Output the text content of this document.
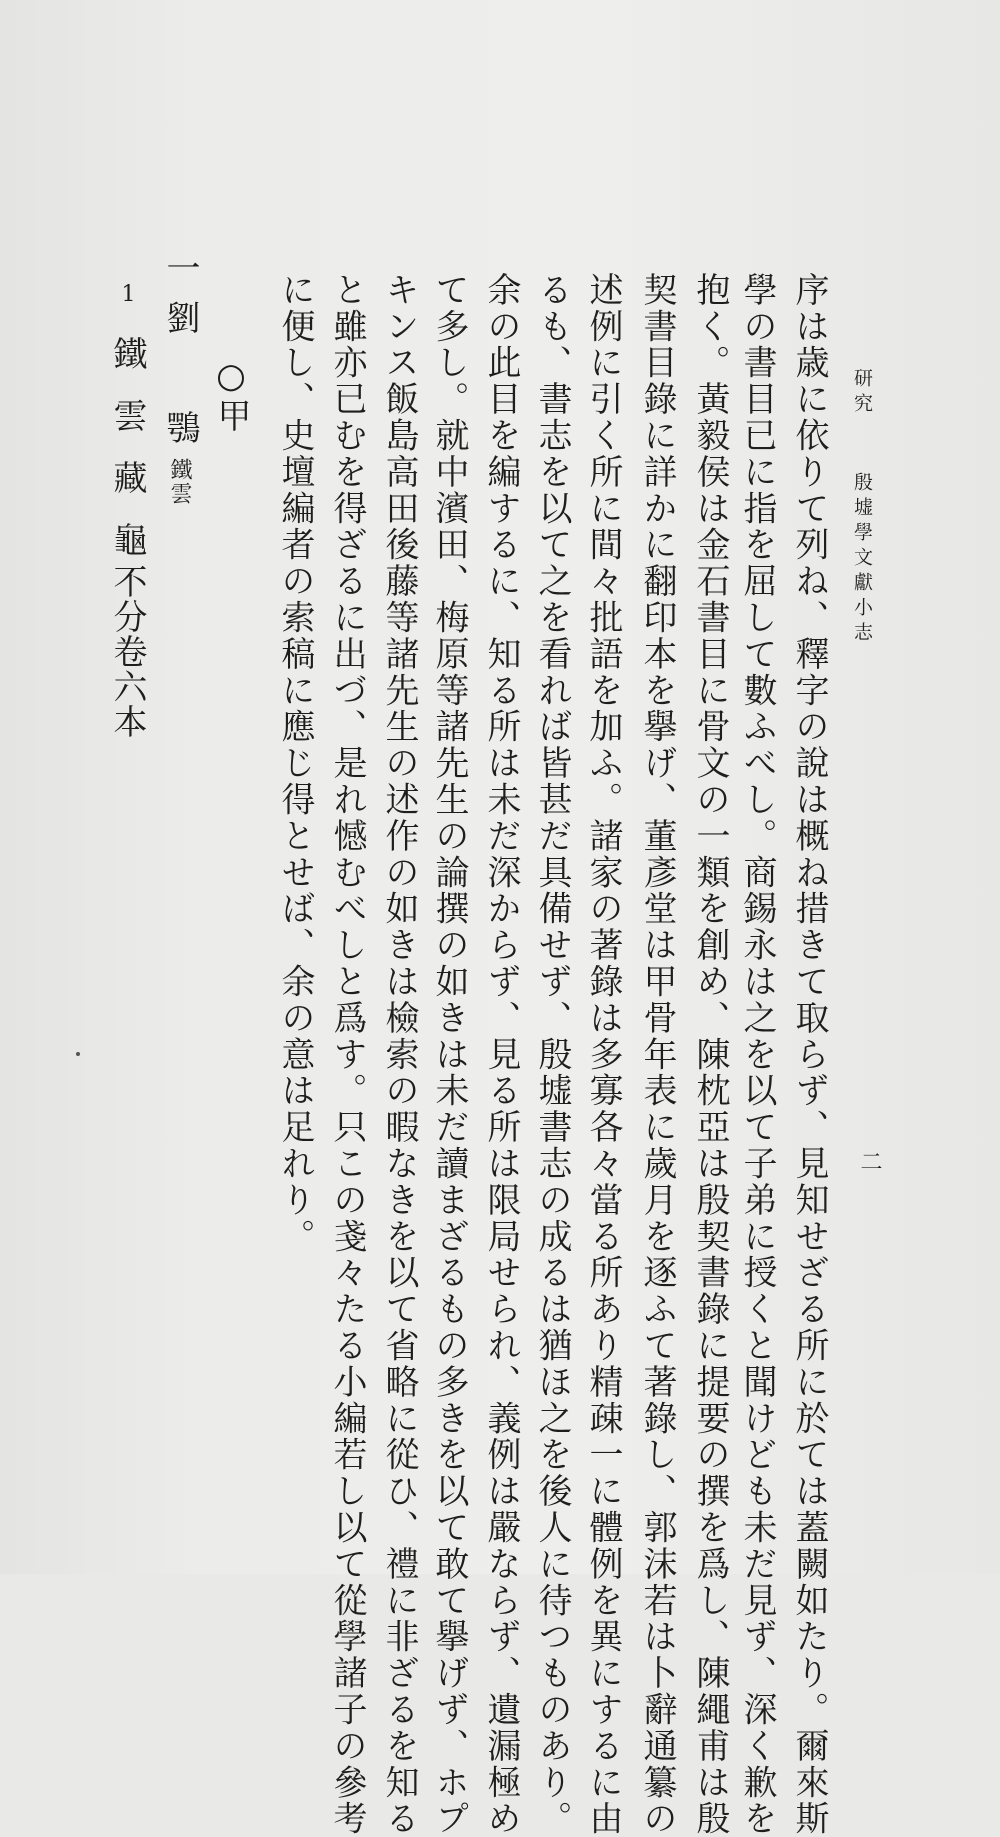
研究殷墟學文獻小志
二

序は歳に依りて列ね、釋字の說は概ね措きて取らず、見知せざる所に於ては蓋闕如たり。爾來斯

學の書目已に指を屈して數ふべし。商錫永は之を以て子弟に授くと聞けども未だ見ず、深く歉を

抱く。黃毅侯は金石書目に骨文の一類を創め、陳枕亞は殷契書錄に提要の撰を爲し、陳繩甫は殷

契書目錄に詳かに翻印本を擧げ、董彥堂は甲骨年表に歲月を逐ふて著錄し、郭沫若は卜辭通纂の

述例に引く所に間々批語を加ふ。諸家の著錄は多寡各々當る所あり精疎一に體例を異にするに由

るも、書志を以て之を看れば皆甚だ具備せず、殷墟書志の成るは猶ほ之を後人に待つものあり。

余の此目を編するに、知る所は未だ深からず、見る所は限局せられ、義例は嚴ならず、遺漏極め

て多し。就中濱田、梅原等諸先生の論撰の如きは未だ讀まざるもの多きを以て敢て擧げず、ホプ

キンス飯島高田後藤等諸先生の述作の如きは檢索の暇なきを以て省略に從ひ、禮に非ざるを知る

と雖亦已むを得ざるに出づ、是れ憾むべしと爲す。只この戔々たる小編若し以て從學諸子の參考

に便し、史壇編者の索稿に應じ得とせば、余の意は足れり。

○甲
一
劉
鶚
鐵雲
1
鐵雲藏龜
不分卷六本
